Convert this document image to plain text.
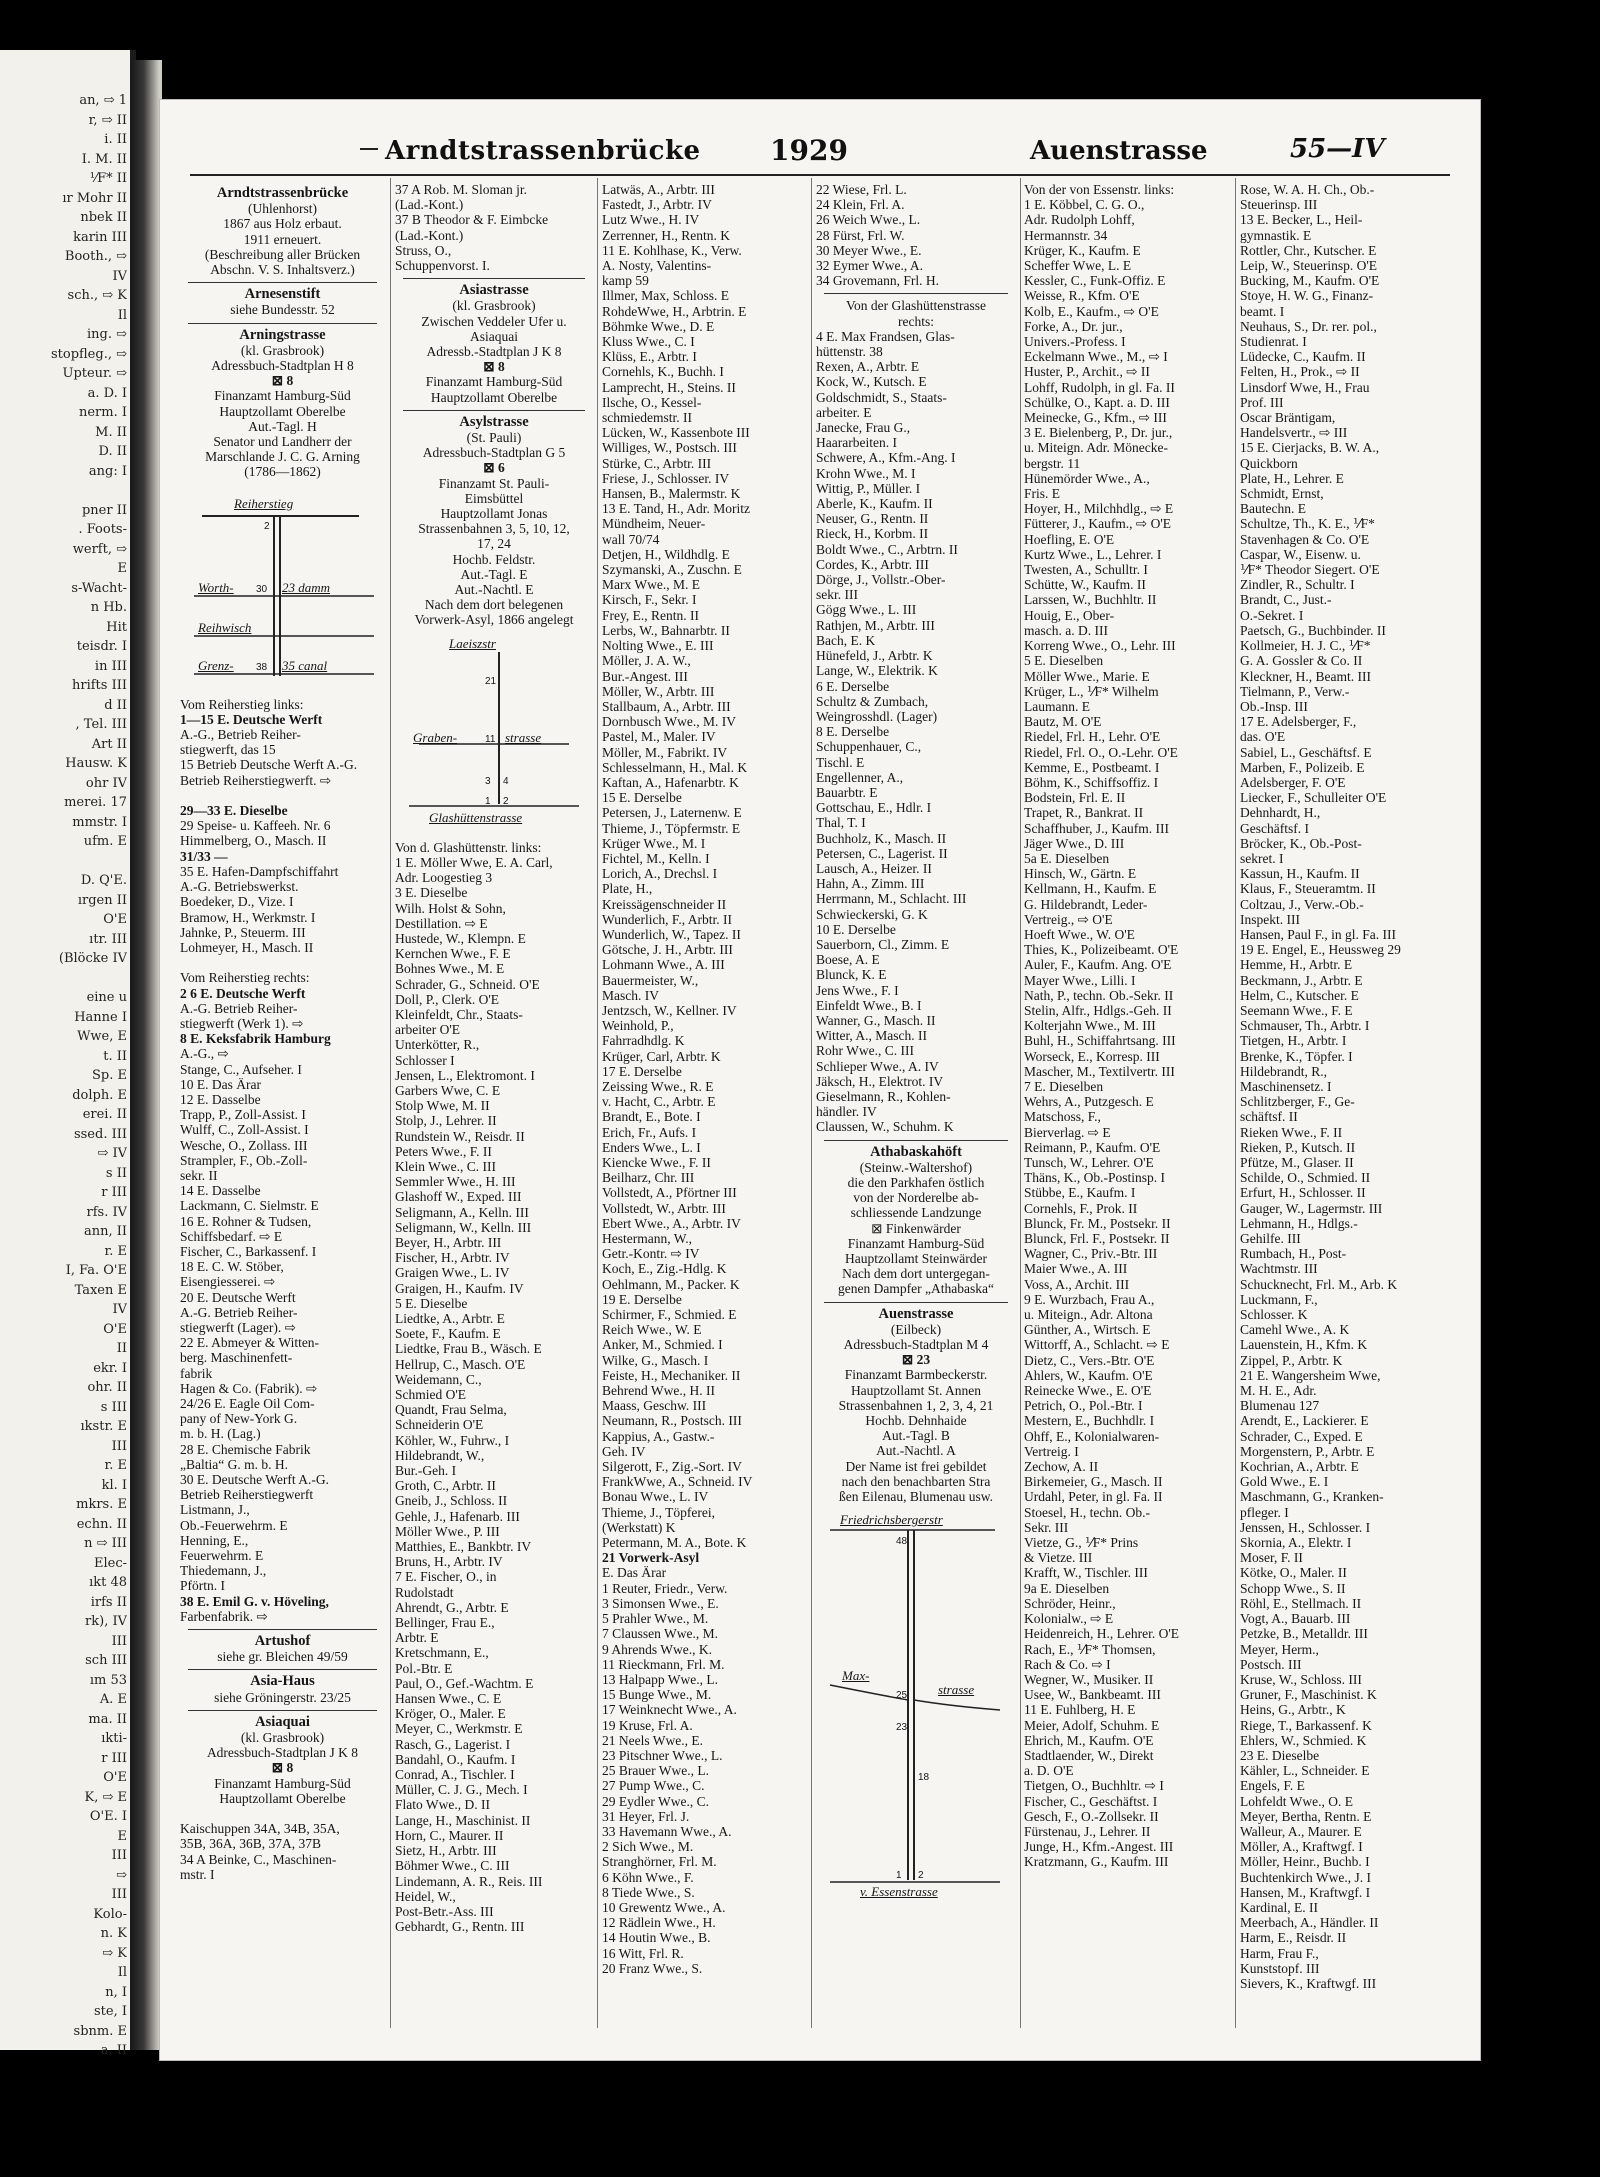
an, ⇨ 1
r, ⇨ II
i. II
I. M. II
⅟F* II
ır Mohr II
nbek II
karin III
Booth., ⇨
IV
sch., ⇨ K
Il
ing. ⇨
stopfleg., ⇨
Upteur. ⇨
a. D. I
nerm. I
M. II
D. II
ang: I
pner II
. Foots-
werft, ⇨
E
s-Wacht-
n Hb.
Hit
teisdr. I
in III
hrifts III
d II
, Tel. III
Art II
Hausw. K
ohr IV
merei. 17
mmstr. I
ufm. E
D. Q'E.
ırgen II
O'E
ıtr. III
(Blöcke IV
eine u
Hanne I
Wwe, E
t. II
Sp. E
dolph. E
erei. II
ssed. III
⇨ IV
s II
r III
rfs. IV
ann, II
r. E
I, Fa. O'E
Taxen E
IV
O'E
II
ekr. I
ohr. II
s III
ıkstr. E
III
r. E
kl. I
mkrs. E
echn. II
n ⇨ III
Elec-
ıkt 48
irfs II
rk), IV
III
sch III
ım 53
A. E
ma. II
ıkti-
r III
O'E
K, ⇨ E
O'E. I
E
III
⇨
III
Kolo-
n. K
⇨ K
Il
n, I
ste, I
sbnm. E
a. II
Arndtstrassenbrücke 1929	Auenstrasse	55—IV
Arndtstrassenbrücke
(Uhlenhorst)
1867 aus Holz erbaut.
1911 erneuert.
(Beschreibung aller Brücken
Abschn. V. S. Inhaltsverz.)
Arnesenstift
siehe Bundesstr. 52
Arningstrasse
(kl. Grasbrook)
Adressbuch-Stadtplan H 8
⊠ 8
Finanzamt Hamburg-Süd
Hauptzollamt Oberelbe
Aut.-Tagl. H
Senator und Landherr der
Marschlande J. C. G. Arning
(1786—1862)
Reiherstieg
2
Worth- 30 23 damm
Reihwisch
Grenz- 38 35 canal
Vom Reiherstieg links:
1—15 E. Deutsche Werft
A.-G., Betrieb Reiher-
stiegwerft, das 15
15 Betrieb Deutsche Werft A.-G.
Betrieb Reiherstiegwerft. ⇨

29—33 E. Dieselbe
29 Speise- u. Kaffeeh. Nr. 6
Himmelberg, O., Masch. II
31/33 —
35 E. Hafen-Dampfschiffahrt
A.-G. Betriebswerkst.
Boedeker, D., Vize. I
Bramow, H., Werkmstr. I
Jahnke, P., Steuerm. III
Lohmeyer, H., Masch. II

Vom Reiherstieg rechts:
2 6 E. Deutsche Werft
A.-G. Betrieb Reiher-
stiegwerft (Werk 1). ⇨
8 E. Keksfabrik Hamburg
A.-G., ⇨
Stange, C., Aufseher. I
10 E. Das Ärar
12 E. Dasselbe
Trapp, P., Zoll-Assist. I
Wulff, C., Zoll-Assist. I
Wesche, O., Zollass. III
Strampler, F., Ob.-Zoll-
sekr. II
14 E. Dasselbe
Lackmann, C. Sielmstr. E
16 E. Rohner & Tudsen,
Schiffsbedarf. ⇨ E
Fischer, C., Barkassenf. I
18 E. C. W. Stöber,
Eisengiesserei. ⇨
20 E. Deutsche Werft
A.-G. Betrieb Reiher-
stiegwerft (Lager). ⇨
22 E. Abmeyer & Witten-
berg. Maschinenfett-
fabrik
Hagen & Co. (Fabrik). ⇨
24/26 E. Eagle Oil Com-
pany of New-York G.
m. b. H. (Lag.)
28 E. Chemische Fabrik
„Baltia“ G. m. b. H.
30 E. Deutsche Werft A.-G.
Betrieb Reiherstiegwerft
Listmann, J.,
Ob.-Feuerwehrm. E
Henning, E.,
Feuerwehrm. E
Thiedemann, J.,
Pförtn. I
38 E. Emil G. v. Höveling,
Farbenfabrik. ⇨
Artushof
siehe gr. Bleichen 49/59
Asia-Haus
siehe Gröningerstr. 23/25
Asiaquai
(kl. Grasbrook)
Adressbuch-Stadtplan J K 8
⊠ 8
Finanzamt Hamburg-Süd
Hauptzollamt Oberelbe

Kaischuppen 34A, 34B, 35A,
35B, 36A, 36B, 37A, 37B
34 A Beinke, C., Maschinen-
mstr. I
37 A Rob. M. Sloman jr.
(Lad.-Kont.)
37 B Theodor & F. Eimbcke
(Lad.-Kont.)
Struss, O.,
Schuppenvorst. I.
Asiastrasse
(kl. Grasbrook)
Zwischen Veddeler Ufer u.
Asiaquai
Adressb.-Stadtplan J K 8
⊠ 8
Finanzamt Hamburg-Süd
Hauptzollamt Oberelbe
Asylstrasse
(St. Pauli)
Adressbuch-Stadtplan G 5
⊠ 6
Finanzamt St. Pauli-
Eimsbüttel
Hauptzollamt Jonas
Strassenbahnen 3, 5, 10, 12,
17, 24
Hochb. Feldstr.
Aut.-Tagl. E
Aut.-Nachtl. E
Nach dem dort belegenen
Vorwerk-Asyl, 1866 angelegt
Laeiszstr
Graben-	strasse
Glashüttenstrasse
11
21
3
1 2
4
Von d. Glashüttenstr. links:
1 E. Möller Wwe, E. A. Carl,
Adr. Loogestieg 3
3 E. Dieselbe
Wilh. Holst & Sohn,
Destillation. ⇨ E
Hustede, W., Klempn. E
Kernchen Wwe., F. E
Bohnes Wwe., M. E
Schrader, G., Schneid. O'E
Doll, P., Clerk. O'E
Kleinfeldt, Chr., Staats-
arbeiter O'E
Unterkötter, R.,
Schlosser I
Jensen, L., Elektromont. I
Garbers Wwe, C. E
Stolp Wwe, M. II
Stolp, J., Lehrer. II
Rundstein W., Reisdr. II
Peters Wwe., F. II
Klein Wwe., C. III
Semmler Wwe., H. III
Glashoff W., Exped. III
Seligmann, A., Kelln. III
Seligmann, W., Kelln. III
Beyer, H., Arbtr. III
Fischer, H., Arbtr. IV
Graigen Wwe., L. IV
Graigen, H., Kaufm. IV
5 E. Dieselbe
Liedtke, A., Arbtr. E
Soete, F., Kaufm. E
Liedtke, Frau B., Wäsch. E
Hellrup, C., Masch. O'E
Weidemann, C.,
Schmied O'E
Quandt, Frau Selma,
Schneiderin O'E
Köhler, W., Fuhrw., I
Hildebrandt, W.,
Bur.-Geh. I
Groth, C., Arbtr. II
Gneib, J., Schloss. II
Gehle, J., Hafenarb. III
Möller Wwe., P. III
Matthies, E., Bankbtr. IV
Bruns, H., Arbtr. IV
7 E. Fischer, O., in
Rudolstadt
Ahrendt, G., Arbtr. E
Bellinger, Frau E.,
Arbtr. E
Kretschmann, E.,
Pol.-Btr. E
Paul, O., Gef.-Wachtm. E
Hansen Wwe., C. E
Kröger, O., Maler. E
Meyer, C., Werkmstr. E
Rasch, G., Lagerist. I
Bandahl, O., Kaufm. I
Conrad, A., Tischler. I
Müller, C. J. G., Mech. I
Flato Wwe., D. II
Lange, H., Maschinist. II
Horn, C., Maurer. II
Sietz, H., Arbtr. III
Böhmer Wwe., C. III
Lindemann, A. R., Reis. III
Heidel, W.,
Post-Betr.-Ass. III
Gebhardt, G., Rentn. III
Latwäs, A., Arbtr. III
Fastedt, J., Arbtr. IV
Lutz Wwe., H. IV
Zerrenner, H., Rentn. K
11 E. Kohlhase, K., Verw.
A. Nosty, Valentins-
kamp 59
Illmer, Max, Schloss. E
RohdeWwe, H., Arbtrin. E
Böhmke Wwe., D. E
Kluss Wwe., C. I
Klüss, E., Arbtr. I
Cornehls, K., Buchh. I
Lamprecht, H., Steins. II
Ilsche, O., Kessel-
schmiedemstr. II
Lücken, W., Kassenbote III
Williges, W., Postsch. III
Stürke, C., Arbtr. III
Friese, J., Schlosser. IV
Hansen, B., Malermstr. K
13 E. Tand, H., Adr. Moritz
Mündheim, Neuer-
wall 70/74
Detjen, H., Wildhdlg. E
Szymanski, A., Zuschn. E
Marx Wwe., M. E
Kirsch, F., Sekr. I
Frey, E., Rentn. II
Lerbs, W., Bahnarbtr. II
Nolting Wwe., E. III
Möller, J. A. W.,
Bur.-Angest. III
Möller, W., Arbtr. III
Stallbaum, A., Arbtr. III
Dornbusch Wwe., M. IV
Pastel, M., Maler. IV
Möller, M., Fabrikt. IV
Schlesselmann, H., Mal. K
Kaftan, A., Hafenarbtr. K
15 E. Derselbe
Petersen, J., Laternenw. E
Thieme, J., Töpfermstr. E
Krüger Wwe., M. I
Fichtel, M., Kelln. I
Lorich, A., Drechsl. I
Plate, H.,
Kreissägenschneider II
Wunderlich, F., Arbtr. II
Wunderlich, W., Tapez. II
Götsche, J. H., Arbtr. III
Lohmann Wwe., A. III
Bauermeister, W.,
Masch. IV
Jentzsch, W., Kellner. IV
Weinhold, P.,
Fahrradhdlg. K
Krüger, Carl, Arbtr. K
17 E. Derselbe
Zeissing Wwe., R. E
v. Hacht, C., Arbtr. E
Brandt, E., Bote. I
Erich, Fr., Aufs. I
Enders Wwe., L. I
Kiencke Wwe., F. II
Beilharz, Chr. III
Vollstedt, A., Pförtner III
Vollstedt, W., Arbtr. III
Ebert Wwe., A., Arbtr. IV
Hestermann, W.,
Getr.-Kontr. ⇨ IV
Koch, E., Zig.-Hdlg. K
Oehlmann, M., Packer. K
19 E. Derselbe
Schirmer, F., Schmied. E
Reich Wwe., W. E
Anker, M., Schmied. I
Wilke, G., Masch. I
Feiste, H., Mechaniker. II
Behrend Wwe., H. II
Maass, Geschw. III
Neumann, R., Postsch. III
Kappius, A., Gastw.-
Geh. IV
Silgerott, F., Zig.-Sort. IV
FrankWwe, A., Schneid. IV
Bonau Wwe., L. IV
Thieme, J., Töpferei,
(Werkstatt) K
Petermann, M. A., Bote. K
21 Vorwerk-Asyl
E. Das Ärar
1 Reuter, Friedr., Verw.
3 Simonsen Wwe., E.
5 Prahler Wwe., M.
7 Claussen Wwe., M.
9 Ahrends Wwe., K.
11 Rieckmann, Frl. M.
13 Halpapp Wwe., L.
15 Bunge Wwe., M.
17 Weinknecht Wwe., A.
19 Kruse, Frl. A.
21 Neels Wwe., E.
23 Pitschner Wwe., L.
25 Brauer Wwe., L.
27 Pump Wwe., C.
29 Eydler Wwe., C.
31 Heyer, Frl. J.
33 Havemann Wwe., A.
2 Sich Wwe., M.
Stranghörner, Frl. M.
6 Köhn Wwe., F.
8 Tiede Wwe., S.
10 Grewentz Wwe., A.
12 Rädlein Wwe., H.
14 Houtin Wwe., B.
16 Witt, Frl. R.
20 Franz Wwe., S.
22 Wiese, Frl. L.
24 Klein, Frl. A.
26 Weich Wwe., L.
28 Fürst, Frl. W.
30 Meyer Wwe., E.
32 Eymer Wwe., A.
34 Grovemann, Frl. H.
Von der Glashüttenstrasse
rechts:
4 E. Max Frandsen, Glas-
hüttenstr. 38
Rexen, A., Arbtr. E
Kock, W., Kutsch. E
Goldschmidt, S., Staats-
arbeiter. E
Janecke, Frau G.,
Haararbeiten. I
Schwere, A., Kfm.-Ang. I
Krohn Wwe., M. I
Wittig, P., Müller. I
Aberle, K., Kaufm. II
Neuser, G., Rentn. II
Rieck, H., Korbm. II
Boldt Wwe., C., Arbtrn. II
Cordes, K., Arbtr. III
Dörge, J., Vollstr.-Ober-
sekr. III
Gögg Wwe., L. III
Rathjen, M., Arbtr. III
Bach, E. K
Hünefeld, J., Arbtr. K
Lange, W., Elektrik. K
6 E. Derselbe
Schultz & Zumbach,
Weingrosshdl. (Lager)
8 E. Derselbe
Schuppenhauer, C.,
Tischl. E
Engellenner, A.,
Bauarbtr. E
Gottschau, E., Hdlr. I
Thal, T. I
Buchholz, K., Masch. II
Petersen, C., Lagerist. II
Lausch, A., Heizer. II
Hahn, A., Zimm. III
Herrmann, M., Schlacht. III
Schwieckerski, G. K
10 E. Derselbe
Sauerborn, Cl., Zimm. E
Boese, A. E
Blunck, K. E
Jens Wwe., F. I
Einfeldt Wwe., B. I
Wanner, G., Masch. II
Witter, A., Masch. II
Rohr Wwe., C. III
Schlieper Wwe., A. IV
Jäksch, H., Elektrot. IV
Gieselmann, R., Kohlen-
händler. IV
Claussen, W., Schuhm. K
Athabaskahöft
(Steinw.-Waltershof)
die den Parkhafen östlich
von der Norderelbe ab-
schliessende Landzunge
⊠ Finkenwärder
Finanzamt Hamburg-Süd
Hauptzollamt Steinwärder
Nach dem dort untergegan-
genen Dampfer „Athabaska“
Auenstrasse
(Eilbeck)
Adressbuch-Stadtplan M 4
⊠ 23
Finanzamt Barmbeckerstr.
Hauptzollamt St. Annen
Strassenbahnen 1, 2, 3, 4, 21
Hochb. Dehnhaide
Aut.-Tagl. B
Aut.-Nachtl. A
Der Name ist frei gebildet
nach den benachbarten Stra
ßen Eilenau, Blumenau usw.
Friedrichsbergerstr
Max-
strasse
v. Essenstrasse
48
25
23
18
1 2
Von der von Essenstr. links:
1 E. Köbbel, C. G. O.,
Adr. Rudolph Lohff,
Hermannstr. 34
Krüger, K., Kaufm. E
Scheffer Wwe, L. E
Kessler, C., Funk-Offiz. E
Weisse, R., Kfm. O'E
Kolb, E., Kaufm., ⇨ O'E
Forke, A., Dr. jur.,
Univers.-Profess. I
Eckelmann Wwe., M., ⇨ I
Huster, P., Archit., ⇨ II
Lohff, Rudolph, in gl. Fa. II
Schülke, O., Kapt. a. D. III
Meinecke, G., Kfm., ⇨ III
3 E. Bielenberg, P., Dr. jur.,
u. Miteign. Adr. Mönecke-
bergstr. 11
Hünemörder Wwe., A.,
Fris. E
Hoyer, H., Milchhdlg., ⇨ E
Fütterer, J., Kaufm., ⇨ O'E
Hoefling, E. O'E
Kurtz Wwe., L., Lehrer. I
Twesten, A., Schulltr. I
Schütte, W., Kaufm. II
Larssen, W., Buchhltr. II
Houig, E., Ober-
masch. a. D. III
Korreng Wwe., O., Lehr. III
5 E. Dieselben
Möller Wwe., Marie. E
Krüger, L., ⅟F* Wilhelm
Laumann. E
Bautz, M. O'E
Riedel, Frl. H., Lehr. O'E
Riedel, Frl. O., O.-Lehr. O'E
Kemme, E., Postbeamt. I
Böhm, K., Schiffsoffiz. I
Bodstein, Frl. E. II
Trapet, R., Bankrat. II
Schaffhuber, J., Kaufm. III
Jäger Wwe., D. III
5a E. Dieselben
Hinsch, W., Gärtn. E
Kellmann, H., Kaufm. E
G. Hildebrandt, Leder-
Vertreig., ⇨ O'E
Hoeft Wwe., W. O'E
Thies, K., Polizeibeamt. O'E
Auler, F., Kaufm. Ang. O'E
Mayer Wwe., Lilli. I
Nath, P., techn. Ob.-Sekr. II
Stelin, Alfr., Hdlgs.-Geh. II
Kolterjahn Wwe., M. III
Buhl, H., Schiffahrtsang. III
Worseck, E., Korresp. III
Mascher, M., Textilvertr. III
7 E. Dieselben
Wehrs, A., Putzgesch. E
Matschoss, F.,
Bierverlag. ⇨ E
Reimann, P., Kaufm. O'E
Tunsch, W., Lehrer. O'E
Thäns, K., Ob.-Postinsp. I
Stübbe, E., Kaufm. I
Cornehls, F., Prok. II
Blunck, Fr. M., Postsekr. II
Blunck, Frl. F., Postsekr. II
Wagner, C., Priv.-Btr. III
Maier Wwe., A. III
Voss, A., Archit. III
9 E. Wurzbach, Frau A.,
u. Miteign., Adr. Altona
Günther, A., Wirtsch. E
Wittorff, A., Schlacht. ⇨ E
Dietz, C., Vers.-Btr. O'E
Ahlers, W., Kaufm. O'E
Reinecke Wwe., E. O'E
Petrich, O., Pol.-Btr. I
Mestern, E., Buchhdlr. I
Ohff, E., Kolonialwaren-
Vertreig. I
Zechow, A. II
Birkemeier, G., Masch. II
Urdahl, Peter, in gl. Fa. II
Stoesel, H., techn. Ob.-
Sekr. III
Vietze, G., ⅟F* Prins
& Vietze. III
Krafft, W., Tischler. III
9a E. Dieselben
Schröder, Heinr.,
Kolonialw., ⇨ E
Heidenreich, H., Lehrer. O'E
Rach, E., ⅟F* Thomsen,
Rach & Co. ⇨ I
Wegner, W., Musiker. II
Usee, W., Bankbeamt. III
11 E. Fuhlberg, H. E
Meier, Adolf, Schuhm. E
Ehrich, M., Kaufm. O'E
Stadtlaender, W., Direkt
a. D. O'E
Tietgen, O., Buchhltr. ⇨ I
Fischer, C., Geschäftst. I
Gesch, F., O.-Zollsekr. II
Fürstenau, J., Lehrer. II
Junge, H., Kfm.-Angest. III
Kratzmann, G., Kaufm. III
Rose, W. A. H. Ch., Ob.-
Steuerinsp. III
13 E. Becker, L., Heil-
gymnastik. E
Rottler, Chr., Kutscher. E
Leip, W., Steuerinsp. O'E
Bucking, M., Kaufm. O'E
Stoye, H. W. G., Finanz-
beamt. I
Neuhaus, S., Dr. rer. pol.,
Studienrat. I
Lüdecke, C., Kaufm. II
Felten, H., Prok., ⇨ II
Linsdorf Wwe, H., Frau
Prof. III
Oscar Bräntigam,
Handelsvertr., ⇨ III
15 E. Cierjacks, B. W. A.,
Quickborn
Plate, H., Lehrer. E
Schmidt, Ernst,
Bautechn. E
Schultze, Th., K. E., ⅟F*
Stavenhagen & Co. O'E
Caspar, W., Eisenw. u.
⅟F* Theodor Siegert. O'E
Zindler, R., Schultr. I
Brandt, C., Just.-
O.-Sekret. I
Paetsch, G., Buchbinder. II
Kollmeier, H. J. C., ⅟F*
G. A. Gossler & Co. II
Kleckner, H., Beamt. III
Tielmann, P., Verw.-
Ob.-Insp. III
17 E. Adelsberger, F.,
das. O'E
Sabiel, L., Geschäftsf. E
Marben, F., Polizeib. E
Adelsberger, F. O'E
Liecker, F., Schulleiter O'E
Dehnhardt, H.,
Geschäftsf. I
Bröcker, K., Ob.-Post-
sekret. I
Kassun, H., Kaufm. II
Klaus, F., Steueramtm. II
Coltzau, J., Verw.-Ob.-
Inspekt. III
Hansen, Paul F., in gl. Fa. III
19 E. Engel, E., Heussweg 29
Hemme, H., Arbtr. E
Beckmann, J., Arbtr. E
Helm, C., Kutscher. E
Seemann Wwe., F. E
Schmauser, Th., Arbtr. I
Tietgen, H., Arbtr. I
Brenke, K., Töpfer. I
Hildebrandt, R.,
Maschinensetz. I
Schlitzberger, F., Ge-
schäftsf. II
Rieken Wwe., F. II
Rieken, P., Kutsch. II
Pfütze, M., Glaser. II
Schilde, O., Schmied. II
Erfurt, H., Schlosser. II
Gauger, W., Lagermstr. III
Lehmann, H., Hdlgs.-
Gehilfe. III
Rumbach, H., Post-
Wachtmstr. III
Schucknecht, Frl. M., Arb. K
Luckmann, F.,
Schlosser. K
Camehl Wwe., A. K
Lauenstein, H., Kfm. K
Zippel, P., Arbtr. K
21 E. Wangersheim Wwe,
M. H. E., Adr.
Blumenau 127
Arendt, E., Lackierer. E
Schrader, C., Exped. E
Morgenstern, P., Arbtr. E
Kochrian, A., Arbtr. E
Gold Wwe., E. I
Maschmann, G., Kranken-
pfleger. I
Jenssen, H., Schlosser. I
Skornia, A., Elektr. I
Moser, F. II
Kötke, O., Maler. II
Schopp Wwe., S. II
Röhl, E., Stellmach. II
Vogt, A., Bauarb. III
Petzke, B., Metalldr. III
Meyer, Herm.,
Postsch. III
Kruse, W., Schloss. III
Gruner, F., Maschinist. K
Heins, G., Arbtr., K
Riege, T., Barkassenf. K
Ehlers, W., Schmied. K
23 E. Dieselbe
Kähler, L., Schneider. E
Engels, F. E
Lohfeldt Wwe., O. E
Meyer, Bertha, Rentn. E
Walleur, A., Maurer. E
Möller, A., Kraftwgf. I
Möller, Heinr., Buchb. I
Buchtenkirch Wwe., J. I
Hansen, M., Kraftwgf. I
Kardinal, E. II
Meerbach, A., Händler. II
Harm, E., Reisdr. II
Harm, Frau F.,
Kunststopf. III
Sievers, K., Kraftwgf. III
